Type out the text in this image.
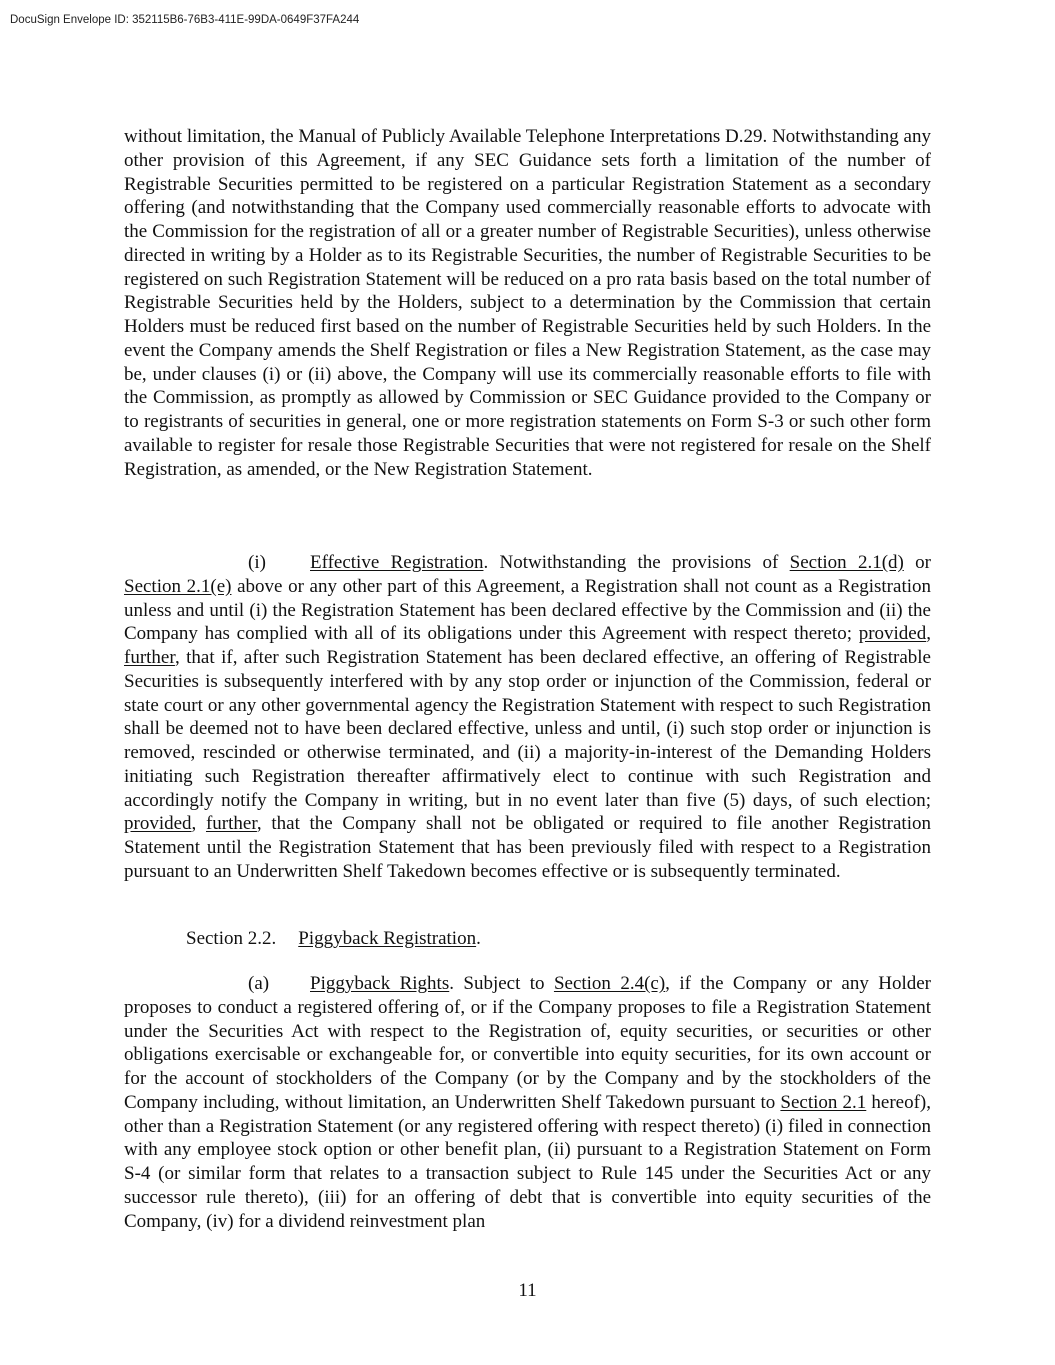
DocuSign Envelope ID: 352115B6-76B3-411E-99DA-0649F37FA244

without limitation, the Manual of Publicly Available Telephone Interpretations D.29. Notwithstanding any other provision of this Agreement, if any SEC Guidance sets forth a limitation of the number of Registrable Securities permitted to be registered on a particular Registration Statement as a secondary offering (and notwithstanding that the Company used commercially reasonable efforts to advocate with the Commission for the registration of all or a greater number of Registrable Securities), unless otherwise directed in writing by a Holder as to its Registrable Securities, the number of Registrable Securities to be registered on such Registration Statement will be reduced on a pro rata basis based on the total number of Registrable Securities held by the Holders, subject to a determination by the Commission that certain Holders must be reduced first based on the number of Registrable Securities held by such Holders. In the event the Company amends the Shelf Registration or files a New Registration Statement, as the case may be, under clauses (i) or (ii) above, the Company will use its commercially reasonable efforts to file with the Commission, as promptly as allowed by Commission or SEC Guidance provided to the Company or to registrants of securities in general, one or more registration statements on Form S-3 or such other form available to register for resale those Registrable Securities that were not registered for resale on the Shelf Registration, as amended, or the New Registration Statement.

(i) Effective Registration. Notwithstanding the provisions of Section 2.1(d) or Section 2.1(e) above or any other part of this Agreement, a Registration shall not count as a Registration unless and until (i) the Registration Statement has been declared effective by the Commission and (ii) the Company has complied with all of its obligations under this Agreement with respect thereto; provided, further, that if, after such Registration Statement has been declared effective, an offering of Registrable Securities is subsequently interfered with by any stop order or injunction of the Commission, federal or state court or any other governmental agency the Registration Statement with respect to such Registration shall be deemed not to have been declared effective, unless and until, (i) such stop order or injunction is removed, rescinded or otherwise terminated, and (ii) a majority-in-interest of the Demanding Holders initiating such Registration thereafter affirmatively elect to continue with such Registration and accordingly notify the Company in writing, but in no event later than five (5) days, of such election; provided, further, that the Company shall not be obligated or required to file another Registration Statement until the Registration Statement that has been previously filed with respect to a Registration pursuant to an Underwritten Shelf Takedown becomes effective or is subsequently terminated.

Section 2.2. Piggyback Registration.

(a) Piggyback Rights. Subject to Section 2.4(c), if the Company or any Holder proposes to conduct a registered offering of, or if the Company proposes to file a Registration Statement under the Securities Act with respect to the Registration of, equity securities, or securities or other obligations exercisable or exchangeable for, or convertible into equity securities, for its own account or for the account of stockholders of the Company (or by the Company and by the stockholders of the Company including, without limitation, an Underwritten Shelf Takedown pursuant to Section 2.1 hereof), other than a Registration Statement (or any registered offering with respect thereto) (i) filed in connection with any employee stock option or other benefit plan, (ii) pursuant to a Registration Statement on Form S-4 (or similar form that relates to a transaction subject to Rule 145 under the Securities Act or any successor rule thereto), (iii) for an offering of debt that is convertible into equity securities of the Company, (iv) for a dividend reinvestment plan

11
